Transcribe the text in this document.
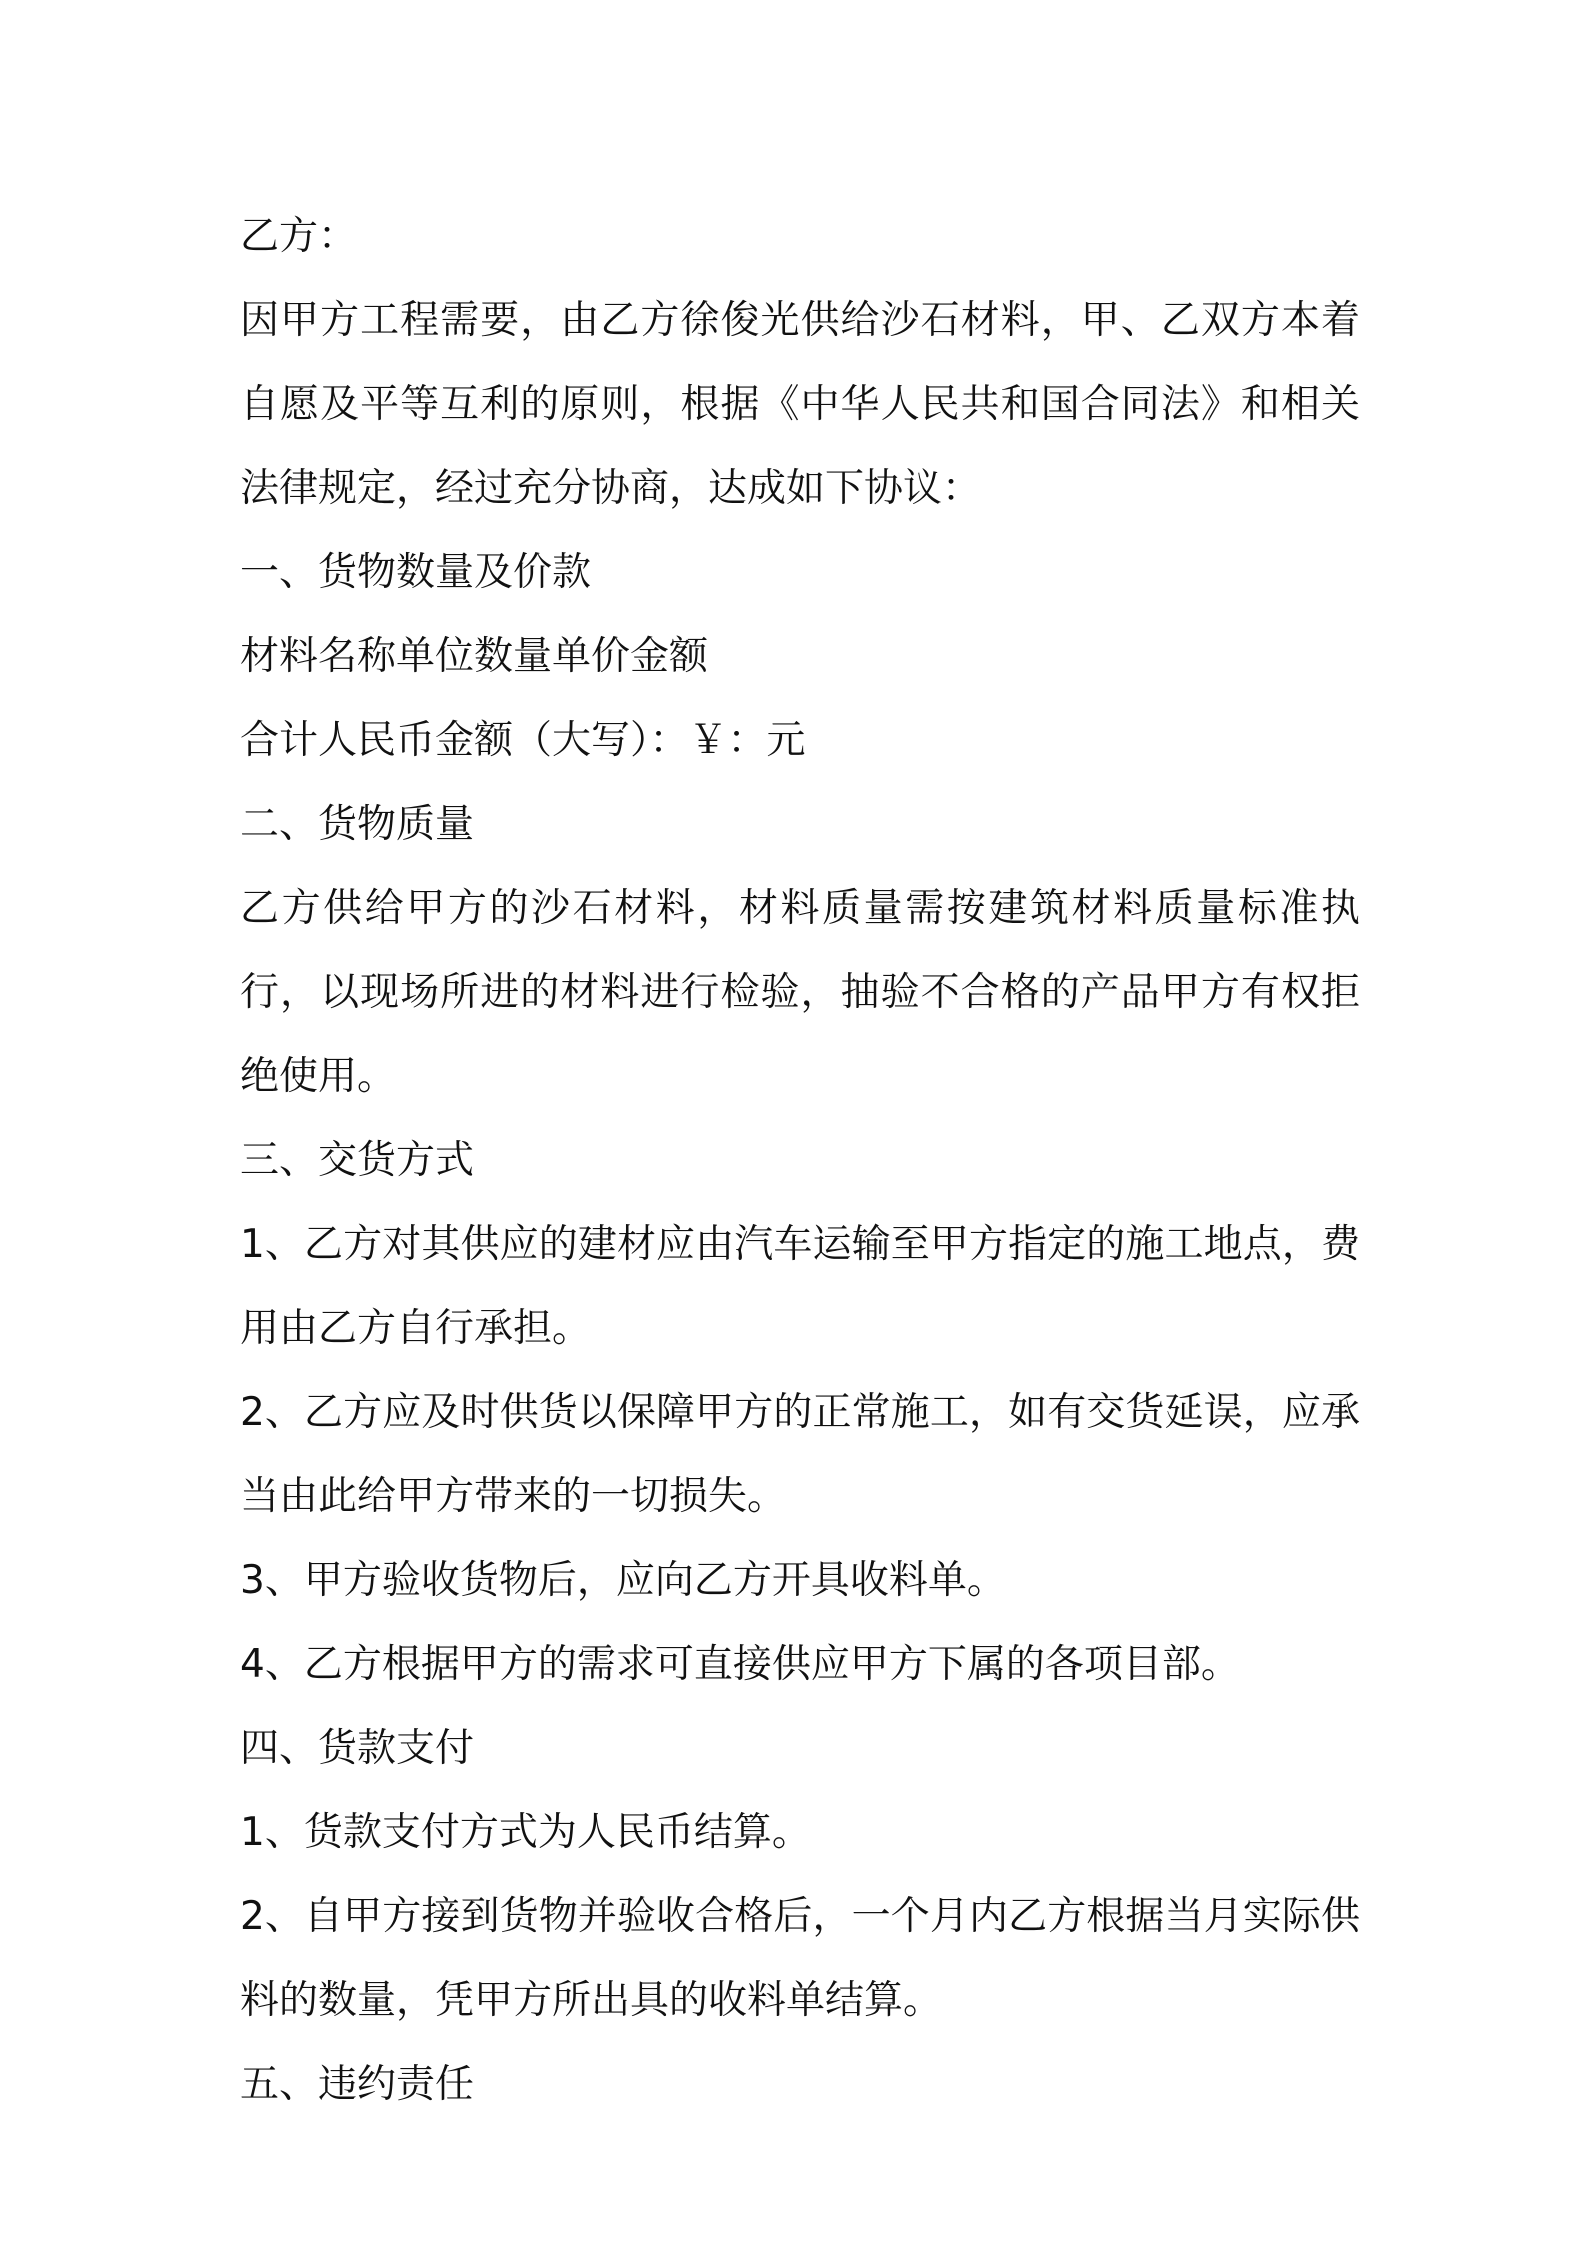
乙方：
因甲方工程需要，由乙方徐俊光供给沙石材料，甲、乙双方本着自愿及平等互利的原则，根据《中华人民共和国合同法》和相关法律规定，经过充分协商，达成如下协议：
一、货物数量及价款
材料名称单位数量单价金额
合计人民币金额（大写）：￥：元
二、货物质量
乙方供给甲方的沙石材料，材料质量需按建筑材料质量标准执行，以现场所进的材料进行检验，抽验不合格的产品甲方有权拒绝使用。
三、交货方式
1、乙方对其供应的建材应由汽车运输至甲方指定的施工地点，费用由乙方自行承担。
2、乙方应及时供货以保障甲方的正常施工，如有交货延误，应承当由此给甲方带来的一切损失。
3、甲方验收货物后，应向乙方开具收料单。
4、乙方根据甲方的需求可直接供应甲方下属的各项目部。
四、货款支付
1、货款支付方式为人民币结算。
2、自甲方接到货物并验收合格后，一个月内乙方根据当月实际供料的数量，凭甲方所出具的收料单结算。
五、违约责任
